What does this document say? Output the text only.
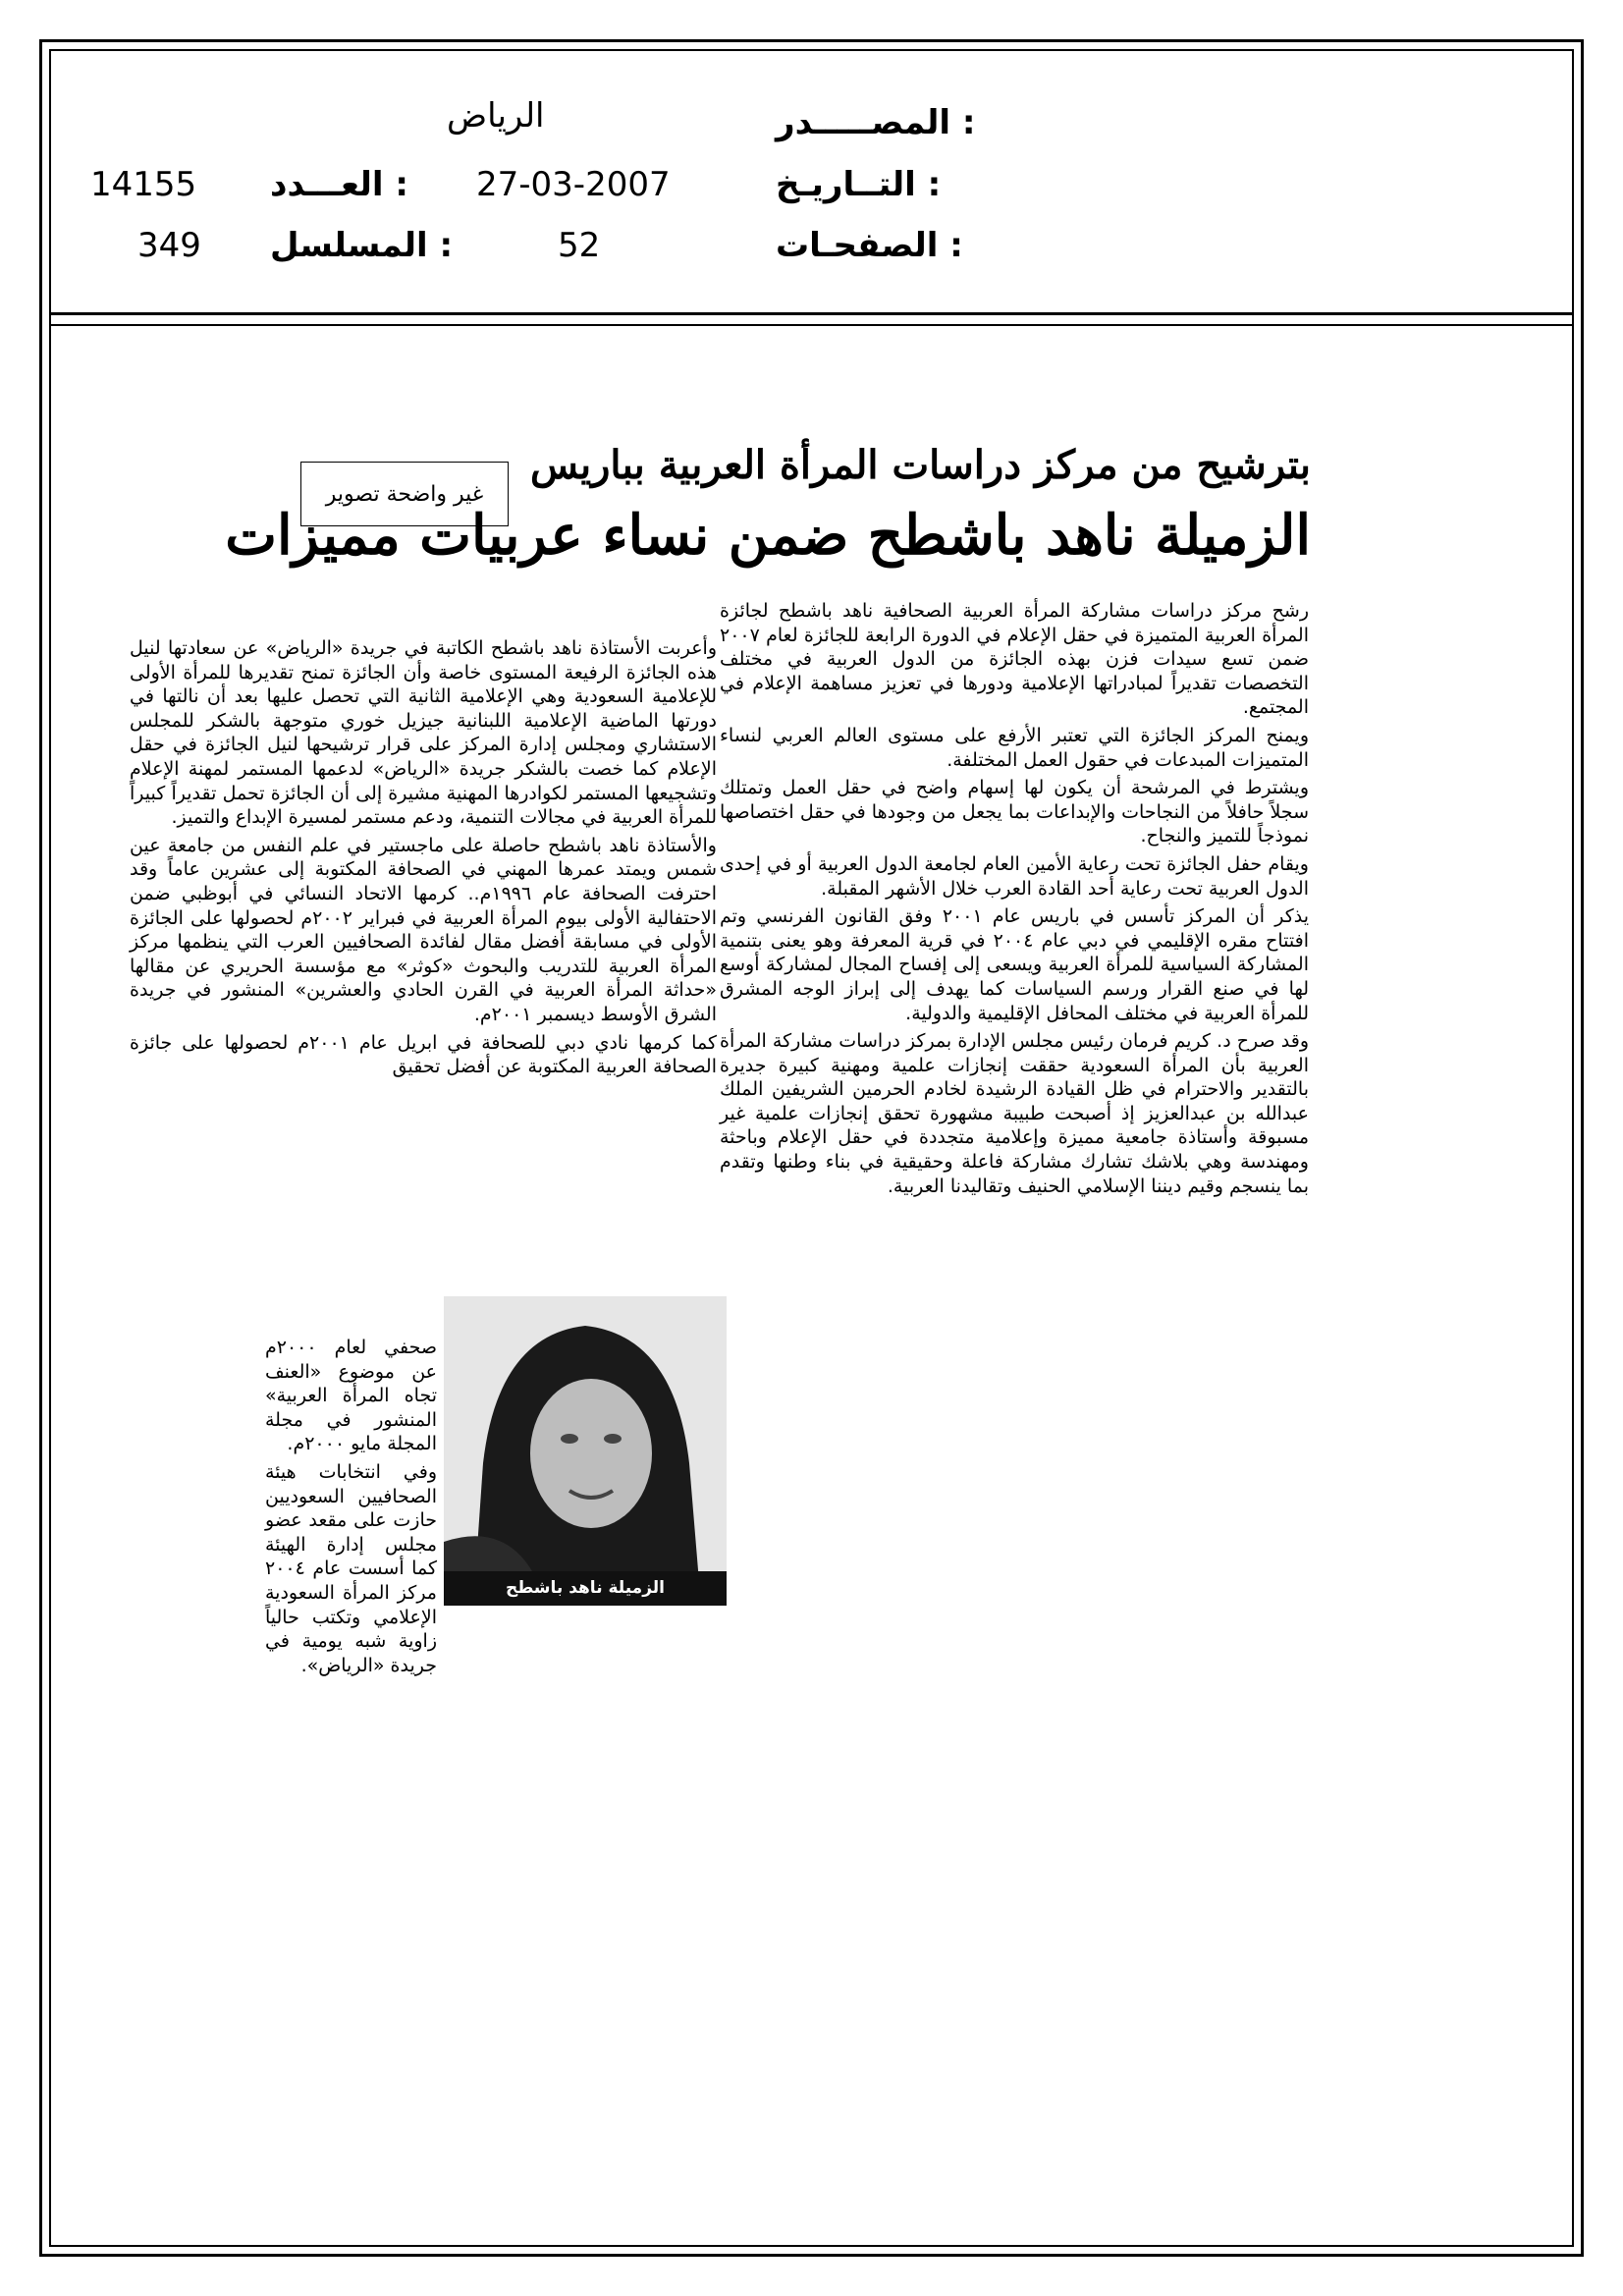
المصـــــدر :
الرياض
التــاريـخ :
27-03-2007
العـــدد :
14155
الصفحـات :
52
المسلسل :
349
غير واضحة تصوير
بترشيح من مركز دراسات المرأة العربية بباريس
الزميلة ناهد باشطح ضمن نساء عربيات مميزات

رشح مركز دراسات مشاركة المرأة العربية الصحافية ناهد باشطح لجائزة المرأة العربية المتميزة في حقل الإعلام في الدورة الرابعة للجائزة لعام ٢٠٠٧ ضمن تسع سيدات فزن بهذه الجائزة من الدول العربية في مختلف التخصصات تقديراً لمبادراتها الإعلامية ودورها في تعزيز مساهمة الإعلام في المجتمع.

ويمنح المركز الجائزة التي تعتبر الأرفع على مستوى العالم العربي لنساء المتميزات المبدعات في حقول العمل المختلفة.

ويشترط في المرشحة أن يكون لها إسهام واضح في حقل العمل وتمتلك سجلاً حافلاً من النجاحات والإبداعات بما يجعل من وجودها في حقل اختصاصها نموذجاً للتميز والنجاح.

ويقام حفل الجائزة تحت رعاية الأمين العام لجامعة الدول العربية أو في إحدى الدول العربية تحت رعاية أحد القادة العرب خلال الأشهر المقبلة.

يذكر أن المركز تأسس في باريس عام ٢٠٠١ وفق القانون الفرنسي وتم افتتاح مقره الإقليمي في دبي عام ٢٠٠٤ في قرية المعرفة وهو يعنى بتنمية المشاركة السياسية للمرأة العربية ويسعى إلى إفساح المجال لمشاركة أوسع لها في صنع القرار ورسم السياسات كما يهدف إلى إبراز الوجه المشرق للمرأة العربية في مختلف المحافل الإقليمية والدولية.

وقد صرح د. كريم فرمان رئيس مجلس الإدارة بمركز دراسات مشاركة المرأة العربية بأن المرأة السعودية حققت إنجازات علمية ومهنية كبيرة جديرة بالتقدير والاحترام في ظل القيادة الرشيدة لخادم الحرمين الشريفين الملك عبدالله بن عبدالعزيز إذ أصبحت طبيبة مشهورة تحقق إنجازات علمية غير مسبوقة وأستاذة جامعية مميزة وإعلامية متجددة في حقل الإعلام وباحثة ومهندسة وهي بلاشك تشارك مشاركة فاعلة وحقيقية في بناء وطنها وتقدم بما ينسجم وقيم ديننا الإسلامي الحنيف وتقاليدنا العربية.

وأعربت الأستاذة ناهد باشطح الكاتبة في جريدة «الرياض» عن سعادتها لنيل هذه الجائزة الرفيعة المستوى خاصة وأن الجائزة تمنح تقديرها للمرأة الأولى للإعلامية السعودية وهي الإعلامية الثانية التي تحصل عليها بعد أن نالتها في دورتها الماضية الإعلامية اللبنانية جيزيل خوري متوجهة بالشكر للمجلس الاستشاري ومجلس إدارة المركز على قرار ترشيحها لنيل الجائزة في حقل الإعلام كما خصت بالشكر جريدة «الرياض» لدعمها المستمر لمهنة الإعلام وتشجيعها المستمر لكوادرها المهنية مشيرة إلى أن الجائزة تحمل تقديراً كبيراً للمرأة العربية في مجالات التنمية، ودعم مستمر لمسيرة الإبداع والتميز.

والأستاذة ناهد باشطح حاصلة على ماجستير في علم النفس من جامعة عين شمس ويمتد عمرها المهني في الصحافة المكتوبة إلى عشرين عاماً وقد احترفت الصحافة عام ١٩٩٦م.. كرمها الاتحاد النسائي في أبوظبي ضمن الاحتفالية الأولى بيوم المرأة العربية في فبراير ٢٠٠٢م لحصولها على الجائزة الأولى في مسابقة أفضل مقال لفائدة الصحافيين العرب التي ينظمها مركز المرأة العربية للتدريب والبحوث «كوثر» مع مؤسسة الحريري عن مقالها «حداثة المرأة العربية في القرن الحادي والعشرين» المنشور في جريدة الشرق الأوسط ديسمبر ٢٠٠١م.

كما كرمها نادي دبي للصحافة في ابريل عام ٢٠٠١م لحصولها على جائزة الصحافة العربية المكتوبة عن أفضل تحقيق

الزميلة ناهد باشطح

صحفي لعام ٢٠٠٠م عن موضوع «العنف تجاه المرأة العربية» المنشور في مجلة المجلة مايو ٢٠٠٠م.

وفي انتخابات هيئة الصحافيين السعوديين حازت على مقعد عضو مجلس إدارة الهيئة كما أسست عام ٢٠٠٤ مركز المرأة السعودية الإعلامي وتكتب حالياً زاوية شبه يومية في جريدة «الرياض».
